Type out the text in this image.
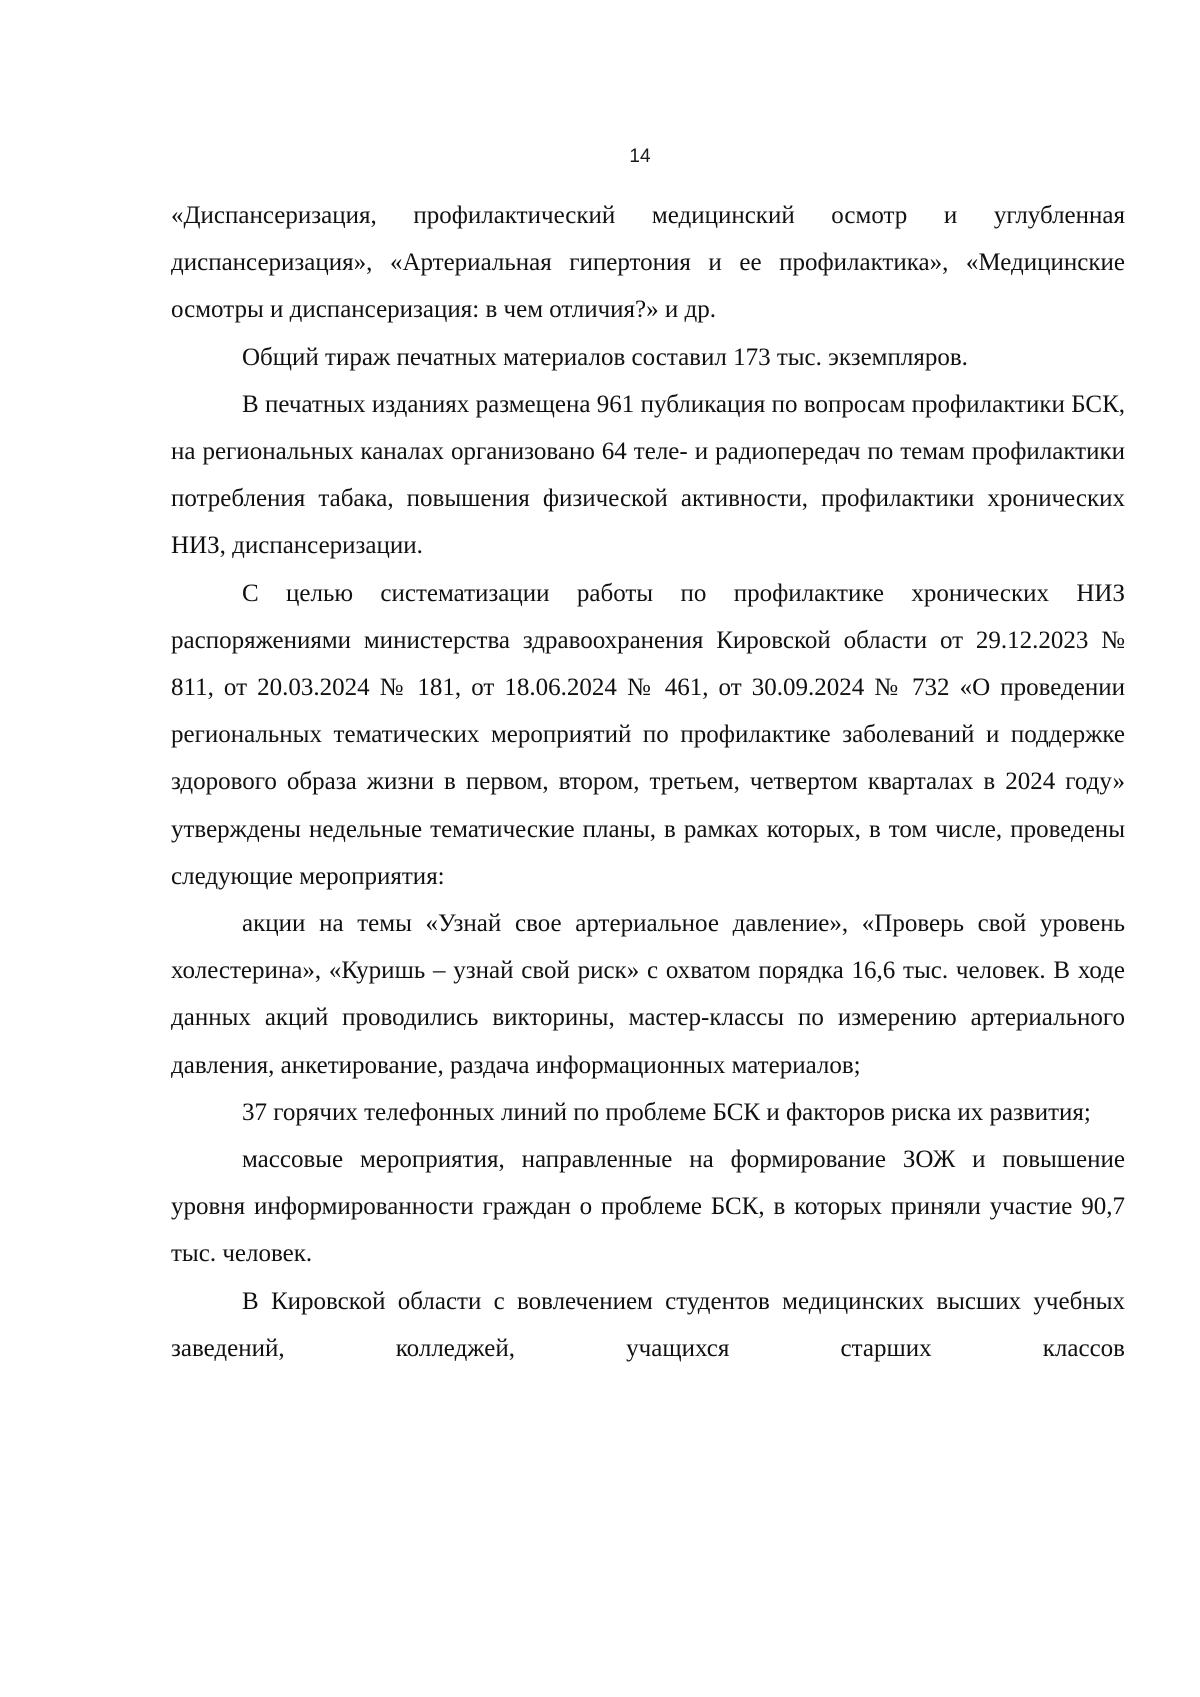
14

«Диспансеризация, профилактический медицинский осмотр и углубленная диспансеризация», «Артериальная гипертония и ее профилактика», «Медицинские осмотры и диспансеризация: в чем отличия?» и др.

Общий тираж печатных материалов составил 173 тыс. экземпляров.

В печатных изданиях размещена 961 публикация по вопросам профилактики БСК, на региональных каналах организовано 64 теле- и радиопередач по темам профилактики потребления табака, повышения физической активности, профилактики хронических НИЗ, диспансеризации.

С целью систематизации работы по профилактике хронических НИЗ распоряжениями министерства здравоохранения Кировской области от 29.12.2023 № 811, от 20.03.2024 № 181, от 18.06.2024 № 461, от 30.09.2024 № 732 «О проведении региональных тематических мероприятий по профилактике заболеваний и поддержке здорового образа жизни в первом, втором, третьем, четвертом кварталах в 2024 году» утверждены недельные тематические планы, в рамках которых, в том числе, проведены следующие мероприятия:

акции на темы «Узнай свое артериальное давление», «Проверь свой уровень холестерина», «Куришь – узнай свой риск» с охватом порядка 16,6 тыс. человек. В ходе данных акций проводились викторины, мастер-классы по измерению артериального давления, анкетирование, раздача информационных материалов;

37 горячих телефонных линий по проблеме БСК и факторов риска их развития;

массовые мероприятия, направленные на формирование ЗОЖ и повышение уровня информированности граждан о проблеме БСК, в которых приняли участие 90,7 тыс. человек.

В Кировской области с вовлечением студентов медицинских высших учебных заведений, колледжей, учащихся старших классов
